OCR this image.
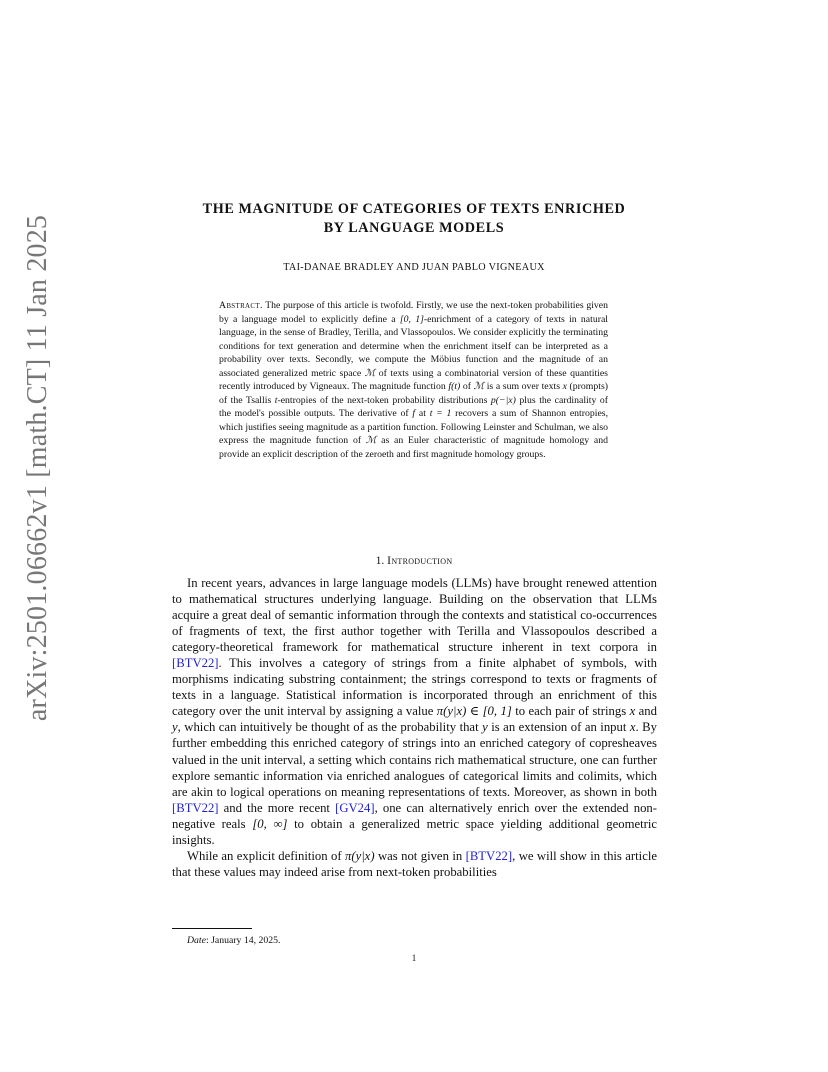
arXiv:2501.06662v1 [math.CT] 11 Jan 2025
THE MAGNITUDE OF CATEGORIES OF TEXTS ENRICHED
BY LANGUAGE MODELS
TAI-DANAE BRADLEY AND JUAN PABLO VIGNEAUX
Abstract. The purpose of this article is twofold. Firstly, we use the next-token probabilities given by a language model to explicitly define a [0, 1]-enrichment of a category of texts in natural language, in the sense of Bradley, Terilla, and Vlassopoulos. We consider explicitly the terminating conditions for text generation and determine when the enrichment itself can be interpreted as a probability over texts. Secondly, we compute the Möbius function and the magnitude of an associated generalized metric space ℳ of texts using a combinatorial version of these quantities recently introduced by Vigneaux. The magnitude function f(t) of ℳ is a sum over texts x (prompts) of the Tsallis t-entropies of the next-token probability distributions p(−|x) plus the cardinality of the model's possible outputs. The derivative of f at t = 1 recovers a sum of Shannon entropies, which justifies seeing magnitude as a partition function. Following Leinster and Schulman, we also express the magnitude function of ℳ as an Euler characteristic of magnitude homology and provide an explicit description of the zeroeth and first magnitude homology groups.
1. Introduction

In recent years, advances in large language models (LLMs) have brought renewed attention to mathematical structures underlying language. Building on the observation that LLMs acquire a great deal of semantic information through the contexts and statistical co-occurrences of fragments of text, the first author together with Terilla and Vlassopoulos described a category-theoretical framework for mathematical structure inherent in text corpora in [BTV22]. This involves a category of strings from a finite alphabet of symbols, with morphisms indicating substring containment; the strings correspond to texts or fragments of texts in a language. Statistical information is incorporated through an enrichment of this category over the unit interval by assigning a value π(y|x) ∈ [0, 1] to each pair of strings x and y, which can intuitively be thought of as the probability that y is an extension of an input x. By further embedding this enriched category of strings into an enriched category of copresheaves valued in the unit interval, a setting which contains rich mathematical structure, one can further explore semantic information via enriched analogues of categorical limits and colimits, which are akin to logical operations on meaning representations of texts. Moreover, as shown in both [BTV22] and the more recent [GV24], one can alternatively enrich over the extended non-negative reals [0, ∞] to obtain a generalized metric space yielding additional geometric insights.

While an explicit definition of π(y|x) was not given in [BTV22], we will show in this article that these values may indeed arise from next-token probabilities

Date: January 14, 2025.
1
